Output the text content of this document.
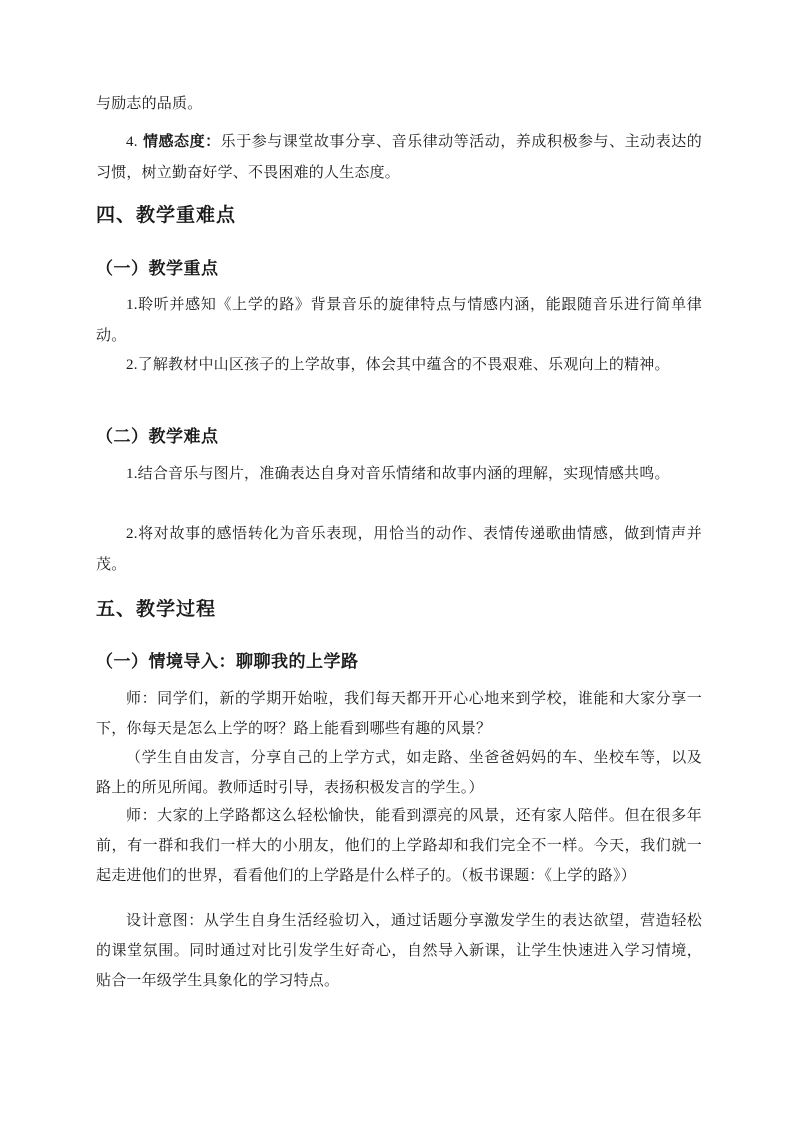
与励志的品质。

4. 情感态度：乐于参与课堂故事分享、音乐律动等活动，养成积极参与、主动表达的习惯，树立勤奋好学、不畏困难的人生态度。

四、教学重难点
（一）教学重点

1.聆听并感知《上学的路》背景音乐的旋律特点与情感内涵，能跟随音乐进行简单律动。

2.了解教材中山区孩子的上学故事，体会其中蕴含的不畏艰难、乐观向上的精神。

（二）教学难点

1.结合音乐与图片，准确表达自身对音乐情绪和故事内涵的理解，实现情感共鸣。

2.将对故事的感悟转化为音乐表现，用恰当的动作、表情传递歌曲情感，做到情声并茂。

五、教学过程
（一）情境导入：聊聊我的上学路

师：同学们，新的学期开始啦，我们每天都开开心心地来到学校，谁能和大家分享一下，你每天是怎么上学的呀？路上能看到哪些有趣的风景？

（学生自由发言，分享自己的上学方式，如走路、坐爸爸妈妈的车、坐校车等，以及路上的所见所闻。教师适时引导，表扬积极发言的学生。）

师：大家的上学路都这么轻松愉快，能看到漂亮的风景，还有家人陪伴。但在很多年前，有一群和我们一样大的小朋友，他们的上学路却和我们完全不一样。今天，我们就一起走进他们的世界，看看他们的上学路是什么样子的。（板书课题：《上学的路》）

设计意图：从学生自身生活经验切入，通过话题分享激发学生的表达欲望，营造轻松的课堂氛围。同时通过对比引发学生好奇心，自然导入新课，让学生快速进入学习情境，贴合一年级学生具象化的学习特点。
